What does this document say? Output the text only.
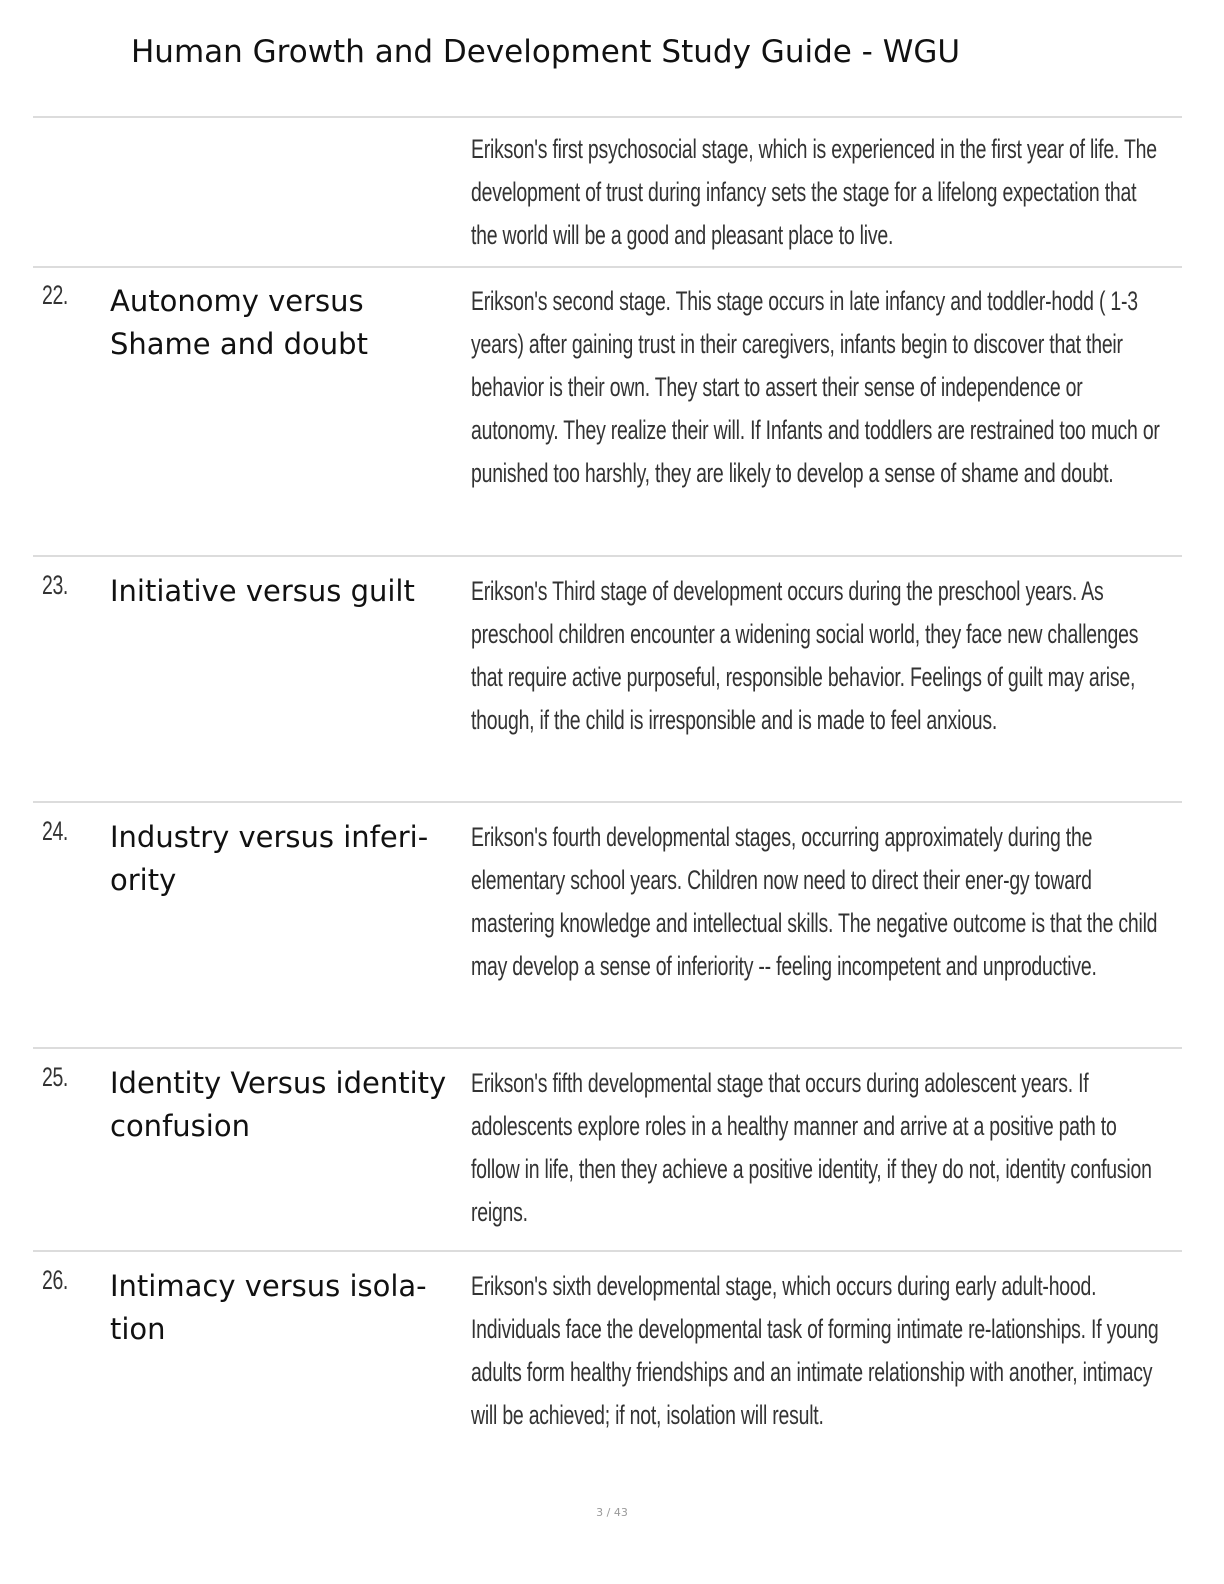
Human Growth and Development Study Guide - WGU
Erikson's first psychosocial stage, which is experienced in the first year of life. The development of trust during infancy sets the stage for a lifelong expectation that the world will be a good and pleasant place to live.
22. Autonomy versus Shame and doubt
Erikson's second stage. This stage occurs in late infancy and toddler-hodd ( 1-3 years) after gaining trust in their caregivers, infants begin to discover that their behavior is their own. They start to assert their sense of independence or autonomy. They realize their will. If Infants and toddlers are restrained too much or punished too harshly, they are likely to develop a sense of shame and doubt.
23. Initiative versus guilt	Erikson's Third stage of development occurs during the preschool years. As preschool children encounter a widening social world, they face new challenges that require active purposeful, responsible behavior. Feelings of guilt may arise, though, if the child is irresponsible and is made to feel anxious.
24. Industry versus inferi-ority
Erikson's fourth developmental stages, occurring approximately during the elementary school years. Children now need to direct their ener-gy toward mastering knowledge and intellectual skills. The negative outcome is that the child may develop a sense of inferiority -- feeling incompetent and unproductive.
25. Identity Versus identity confusion
Erikson's fifth developmental stage that occurs during adolescent years. If adolescents explore roles in a healthy manner and arrive at a positive path to follow in life, then they achieve a positive identity, if they do not, identity confusion reigns.
26. Intimacy versus isola-tion
Erikson's sixth developmental stage, which occurs during early adult-hood. Individuals face the developmental task of forming intimate re-lationships. If young adults form healthy friendships and an intimate relationship with another, intimacy will be achieved; if not, isolation will result.
3 / 43
